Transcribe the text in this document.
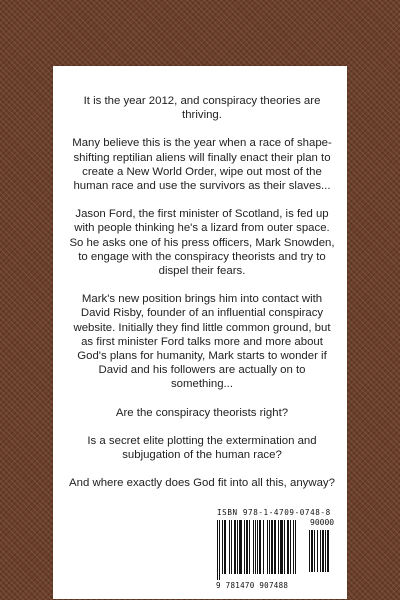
It is the year 2012, and conspiracy theories are thriving.

Many believe this is the year when a race of shape-shifting reptilian aliens will finally enact their plan to create a New World Order, wipe out most of the human race and use the survivors as their slaves...

Jason Ford, the first minister of Scotland, is fed up with people thinking he's a lizard from outer space. So he asks one of his press officers, Mark Snowden, to engage with the conspiracy theorists and try to dispel their fears.

Mark's new position brings him into contact with David Risby, founder of an influential conspiracy website. Initially they find little common ground, but as first minister Ford talks more and more about God's plans for humanity, Mark starts to wonder if David and his followers are actually on to something...

Are the conspiracy theorists right?

Is a secret elite plotting the extermination and subjugation of the human race?

And where exactly does God fit into all this, anyway?

ISBN 978-1-4709-0748-8
90000
9 781470 907488
